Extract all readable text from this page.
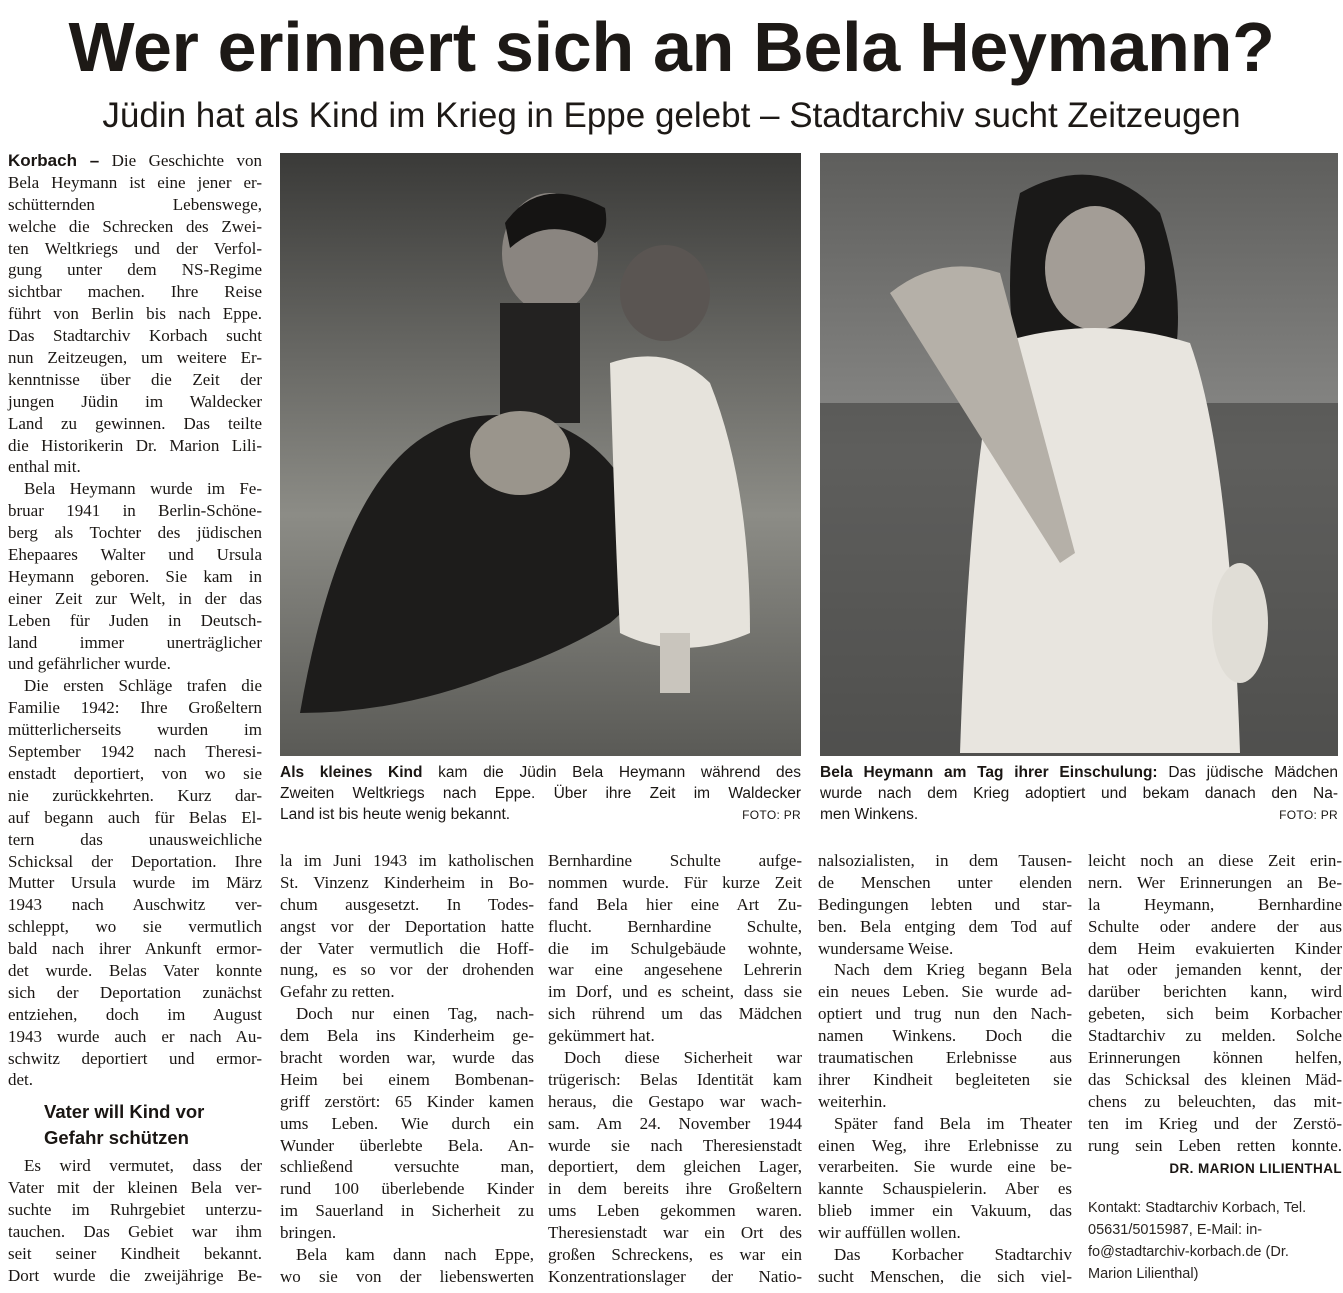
Wer erinnert sich an Bela Heymann?
Jüdin hat als Kind im Krieg in Eppe gelebt – Stadtarchiv sucht Zeitzeugen
Korbach – Die Geschichte von
Bela Heymann ist eine jener er-
schütternden Lebenswege,
welche die Schrecken des Zwei-
ten Weltkriegs und der Verfol-
gung unter dem NS-Regime
sichtbar machen. Ihre Reise
führt von Berlin bis nach Eppe.
Das Stadtarchiv Korbach sucht
nun Zeitzeugen, um weitere Er-
kenntnisse über die Zeit der
jungen Jüdin im Waldecker
Land zu gewinnen. Das teilte
die Historikerin Dr. Marion Lili-
enthal mit.
Bela Heymann wurde im Fe-
bruar 1941 in Berlin-Schöne-
berg als Tochter des jüdischen
Ehepaares Walter und Ursula
Heymann geboren. Sie kam in
einer Zeit zur Welt, in der das
Leben für Juden in Deutsch-
land immer unerträglicher
und gefährlicher wurde.
Die ersten Schläge trafen die
Familie 1942: Ihre Großeltern
mütterlicherseits wurden im
September 1942 nach Theresi-
enstadt deportiert, von wo sie
nie zurückkehrten. Kurz dar-
auf begann auch für Belas El-
tern das unausweichliche
Schicksal der Deportation. Ihre
Mutter Ursula wurde im März
1943 nach Auschwitz ver-
schleppt, wo sie vermutlich
bald nach ihrer Ankunft ermor-
det wurde. Belas Vater konnte
sich der Deportation zunächst
entziehen, doch im August
1943 wurde auch er nach Au-
schwitz deportiert und ermor-
det.
Vater will Kind vor
Gefahr schützen
Es wird vermutet, dass der
Vater mit der kleinen Bela ver-
suchte im Ruhrgebiet unterzu-
tauchen. Das Gebiet war ihm
seit seiner Kindheit bekannt.
Dort wurde die zweijährige Be-
Als kleines Kind kam die Jüdin Bela Heymann während des
Zweiten Weltkriegs nach Eppe. Über ihre Zeit im Waldecker
Land ist bis heute wenig bekannt.	FOTO: PR
Bela Heymann am Tag ihrer Einschulung: Das jüdische Mädchen
wurde nach dem Krieg adoptiert und bekam danach den Na-
men Winkens.	FOTO: PR
la im Juni 1943 im katholischen
St. Vinzenz Kinderheim in Bo-
chum ausgesetzt. In Todes-
angst vor der Deportation hatte
der Vater vermutlich die Hoff-
nung, es so vor der drohenden
Gefahr zu retten.
Doch nur einen Tag, nach-
dem Bela ins Kinderheim ge-
bracht worden war, wurde das
Heim bei einem Bombenan-
griff zerstört: 65 Kinder kamen
ums Leben. Wie durch ein
Wunder überlebte Bela. An-
schließend versuchte man,
rund 100 überlebende Kinder
im Sauerland in Sicherheit zu
bringen.
Bela kam dann nach Eppe,
wo sie von der liebenswerten
Bernhardine Schulte aufge-
nommen wurde. Für kurze Zeit
fand Bela hier eine Art Zu-
flucht. Bernhardine Schulte,
die im Schulgebäude wohnte,
war eine angesehene Lehrerin
im Dorf, und es scheint, dass sie
sich rührend um das Mädchen
gekümmert hat.
Doch diese Sicherheit war
trügerisch: Belas Identität kam
heraus, die Gestapo war wach-
sam. Am 24. November 1944
wurde sie nach Theresienstadt
deportiert, dem gleichen Lager,
in dem bereits ihre Großeltern
ums Leben gekommen waren.
Theresienstadt war ein Ort des
großen Schreckens, es war ein
Konzentrationslager der Natio-
nalsozialisten, in dem Tausen-
de Menschen unter elenden
Bedingungen lebten und star-
ben. Bela entging dem Tod auf
wundersame Weise.
Nach dem Krieg begann Bela
ein neues Leben. Sie wurde ad-
optiert und trug nun den Nach-
namen Winkens. Doch die
traumatischen Erlebnisse aus
ihrer Kindheit begleiteten sie
weiterhin.
Später fand Bela im Theater
einen Weg, ihre Erlebnisse zu
verarbeiten. Sie wurde eine be-
kannte Schauspielerin. Aber es
blieb immer ein Vakuum, das
wir auffüllen wollen.
Das Korbacher Stadtarchiv
sucht Menschen, die sich viel-
leicht noch an diese Zeit erin-
nern. Wer Erinnerungen an Be-
la Heymann, Bernhardine
Schulte oder andere der aus
dem Heim evakuierten Kinder
hat oder jemanden kennt, der
darüber berichten kann, wird
gebeten, sich beim Korbacher
Stadtarchiv zu melden. Solche
Erinnerungen können helfen,
das Schicksal des kleinen Mäd-
chens zu beleuchten, das mit-
ten im Krieg und der Zerstö-
rung sein Leben retten konnte.
DR. MARION LILIENTHAL
Kontakt: Stadtarchiv Korbach, Tel.
05631/5015987, E-Mail: in-
fo@stadtarchiv-korbach.de (Dr.
Marion Lilienthal)
